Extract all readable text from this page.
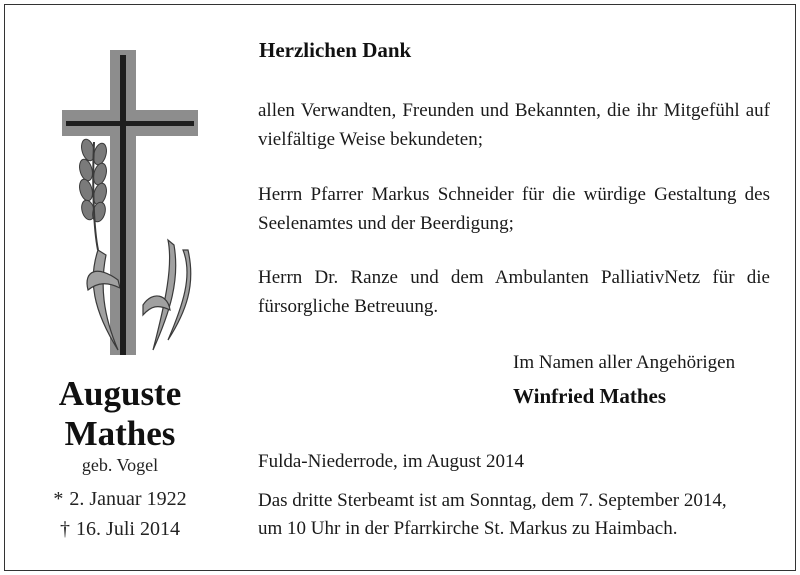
Auguste
Mathes
geb. Vogel
* 2. Januar 1922
† 16. Juli 2014
Herzlichen Dank
allen Verwandten, Freunden und Bekannten, die ihr Mitgefühl auf vielfältige Weise bekundeten;
Herrn Pfarrer Markus Schneider für die würdige Gestaltung des Seelenamtes und der Beerdigung;
Herrn Dr. Ranze und dem Ambulanten PalliativNetz für die fürsorgliche Betreuung.
Im Namen aller Angehörigen
Winfried Mathes
Fulda-Niederrode, im August 2014
Das dritte Sterbeamt ist am Sonntag, dem 7. September 2014,
um 10 Uhr in der Pfarrkirche St. Markus zu Haimbach.
